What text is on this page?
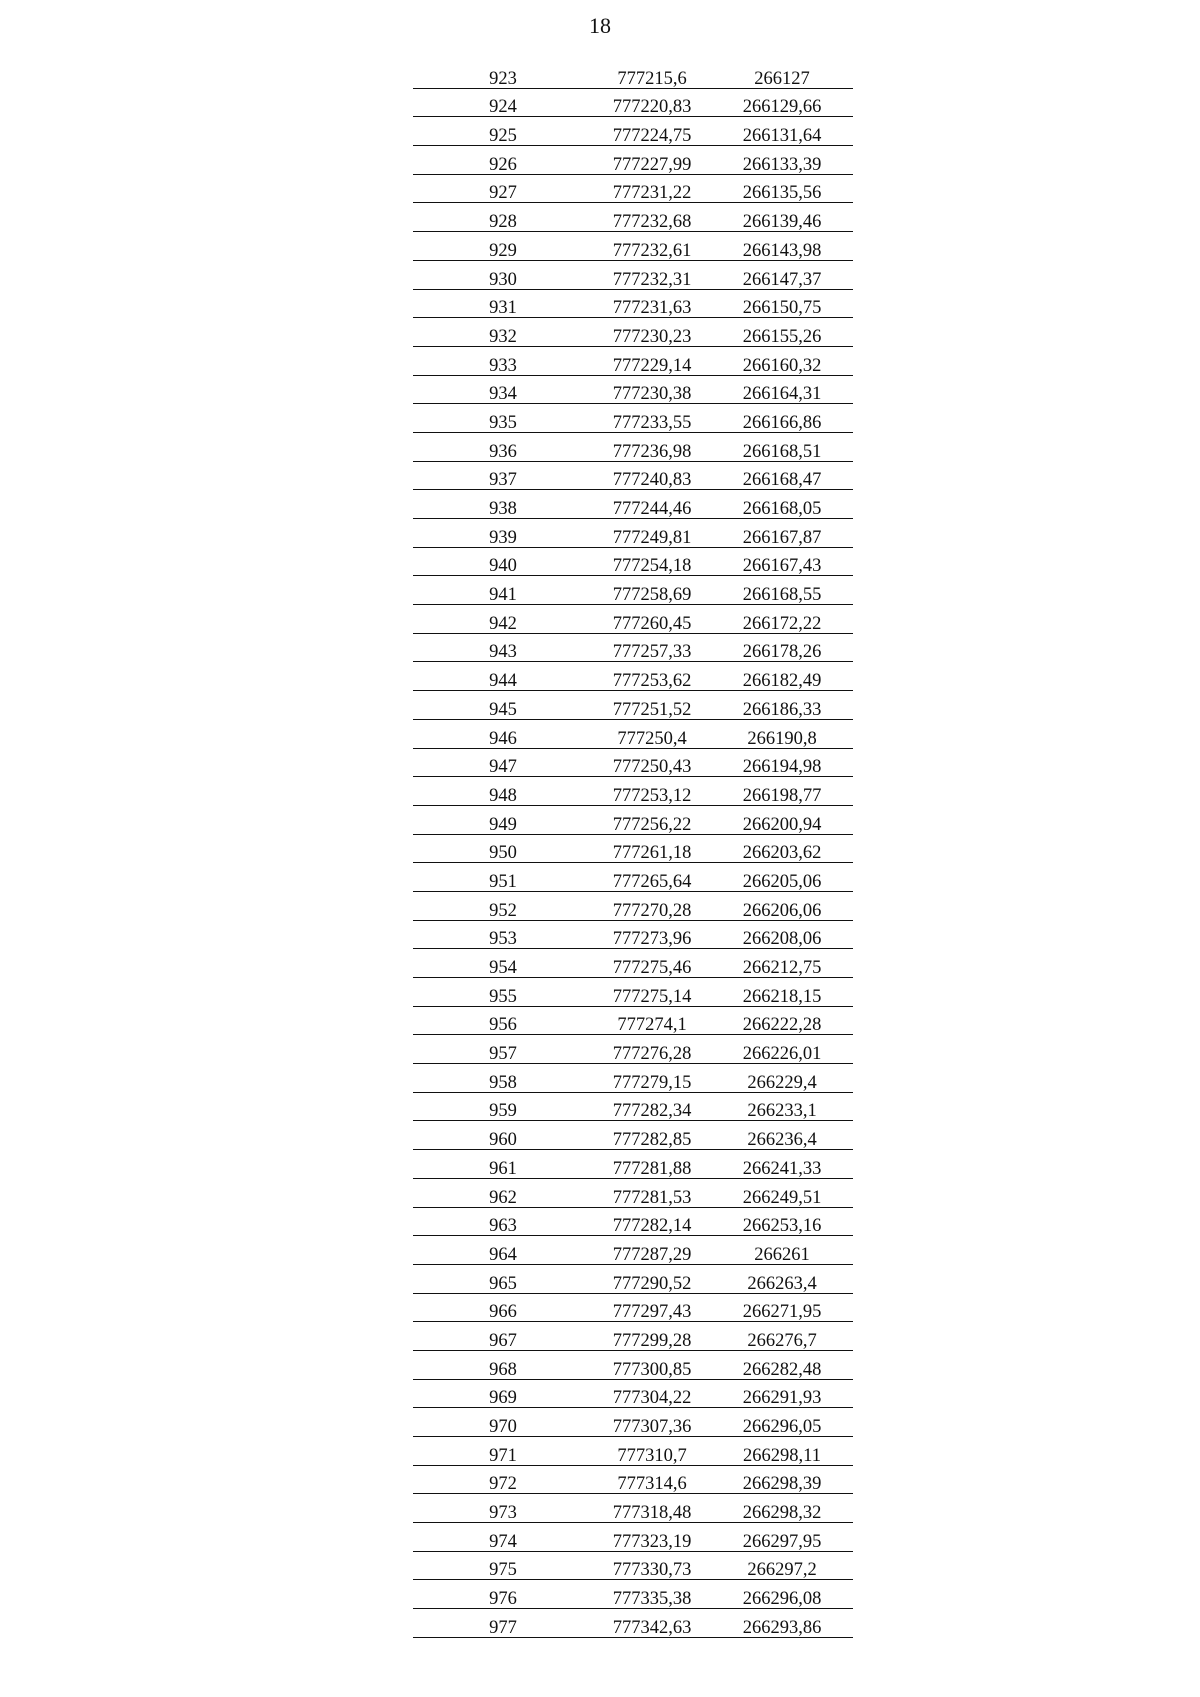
18
923	777215,6	266127
924	777220,83	266129,66
925	777224,75	266131,64
926	777227,99	266133,39
927	777231,22	266135,56
928	777232,68	266139,46
929	777232,61	266143,98
930	777232,31	266147,37
931	777231,63	266150,75
932	777230,23	266155,26
933	777229,14	266160,32
934	777230,38	266164,31
935	777233,55	266166,86
936	777236,98	266168,51
937	777240,83	266168,47
938	777244,46	266168,05
939	777249,81	266167,87
940	777254,18	266167,43
941	777258,69	266168,55
942	777260,45	266172,22
943	777257,33	266178,26
944	777253,62	266182,49
945	777251,52	266186,33
946	777250,4	266190,8
947	777250,43	266194,98
948	777253,12	266198,77
949	777256,22	266200,94
950	777261,18	266203,62
951	777265,64	266205,06
952	777270,28	266206,06
953	777273,96	266208,06
954	777275,46	266212,75
955	777275,14	266218,15
956	777274,1	266222,28
957	777276,28	266226,01
958	777279,15	266229,4
959	777282,34	266233,1
960	777282,85	266236,4
961	777281,88	266241,33
962	777281,53	266249,51
963	777282,14	266253,16
964	777287,29	266261
965	777290,52	266263,4
966	777297,43	266271,95
967	777299,28	266276,7
968	777300,85	266282,48
969	777304,22	266291,93
970	777307,36	266296,05
971	777310,7	266298,11
972	777314,6	266298,39
973	777318,48	266298,32
974	777323,19	266297,95
975	777330,73	266297,2
976	777335,38	266296,08
977	777342,63	266293,86
